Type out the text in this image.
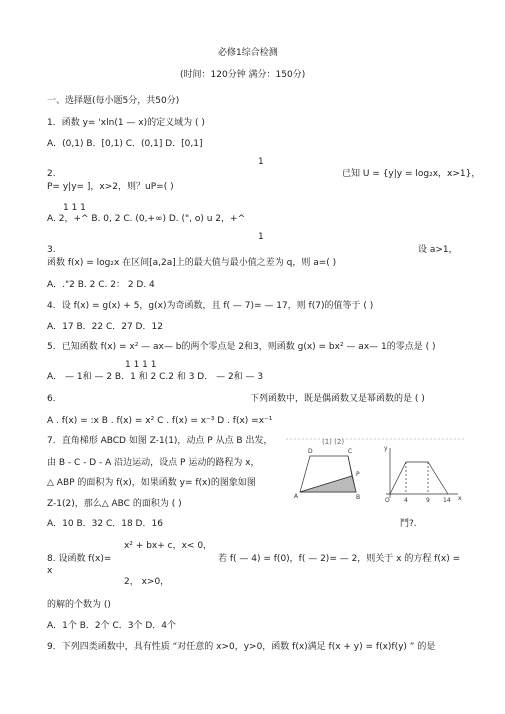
必修1综合检测
(时间：120分钟 满分：150分)
一、选择题(每小题5分，共50分)
1．函数 y= 'xln(1 — x)的定义域为 ( )
A．(0,1) B．[0,1) C．(0,1] D．[0,1]
1
2.	已知 U = {y|y = log₂x，x>1}，
P= y|y= ]，x>2，则？uP=( )
1 1 1
A. 2，+^ B. 0, 2 C. (0,+∞) D. (", o) u 2，+^
1
3.	设 a>1，
函数 f(x) = log₂x 在区间[a,2a]上的最大值与最小值之差为 q，则 a=( )
A．."2 B. 2 C. 2： 2 D. 4
4．设 f(x) = g(x) + 5，g(x)为奇函数，且 f( — 7)= — 17，则 f(7)的值等于 ( )
A．17 B．22 C．27 D．12
5．已知函数 f(x) = x² — ax— b的两个零点是 2和3，则函数 g(x) = bx² — ax— 1的零点是 ( )
1 1 1 1
A． — 1和 — 2 B．1 和 2 C.2 和 3 D． — 2和 — 3
6.	下列函数中，既是偶函数又是幂函数的是 ( )
A . f(x) = :x B . f(x) = x² C . f(x) = x⁻³ D . f(x) =x⁻¹
7．直角梯形 ABCD 如图 Z-1(1)，动点 P 从点 B 出发，
由 B - C - D - A 沿边运动，设点 P 运动的路程为 x，
△ ABP 的面积为 f(x)，如果函数 y= f(x)的图象如图
Z-1(2)，那么△ ABC 的面积为 ( )
A．10 B．32 C．18 D．16	鬥?.
(1) (2)
D	C
P
A	B
y
x
O 4	9 14
x² + bx+ c，x< 0，
8. 设函数 f(x)=	若 f( — 4) = f(0)，f( — 2)= — 2，则关于 x 的方程 f(x) =
x
2， x>0，
的解的个数为 ()
A．1个 B．2个 C．3个 D．4个
9．下列四类函数中，具有性质 “对任意的 x>0，y>0，函数 f(x)满足 f(x + y) = f(x)f(y) ” 的是
